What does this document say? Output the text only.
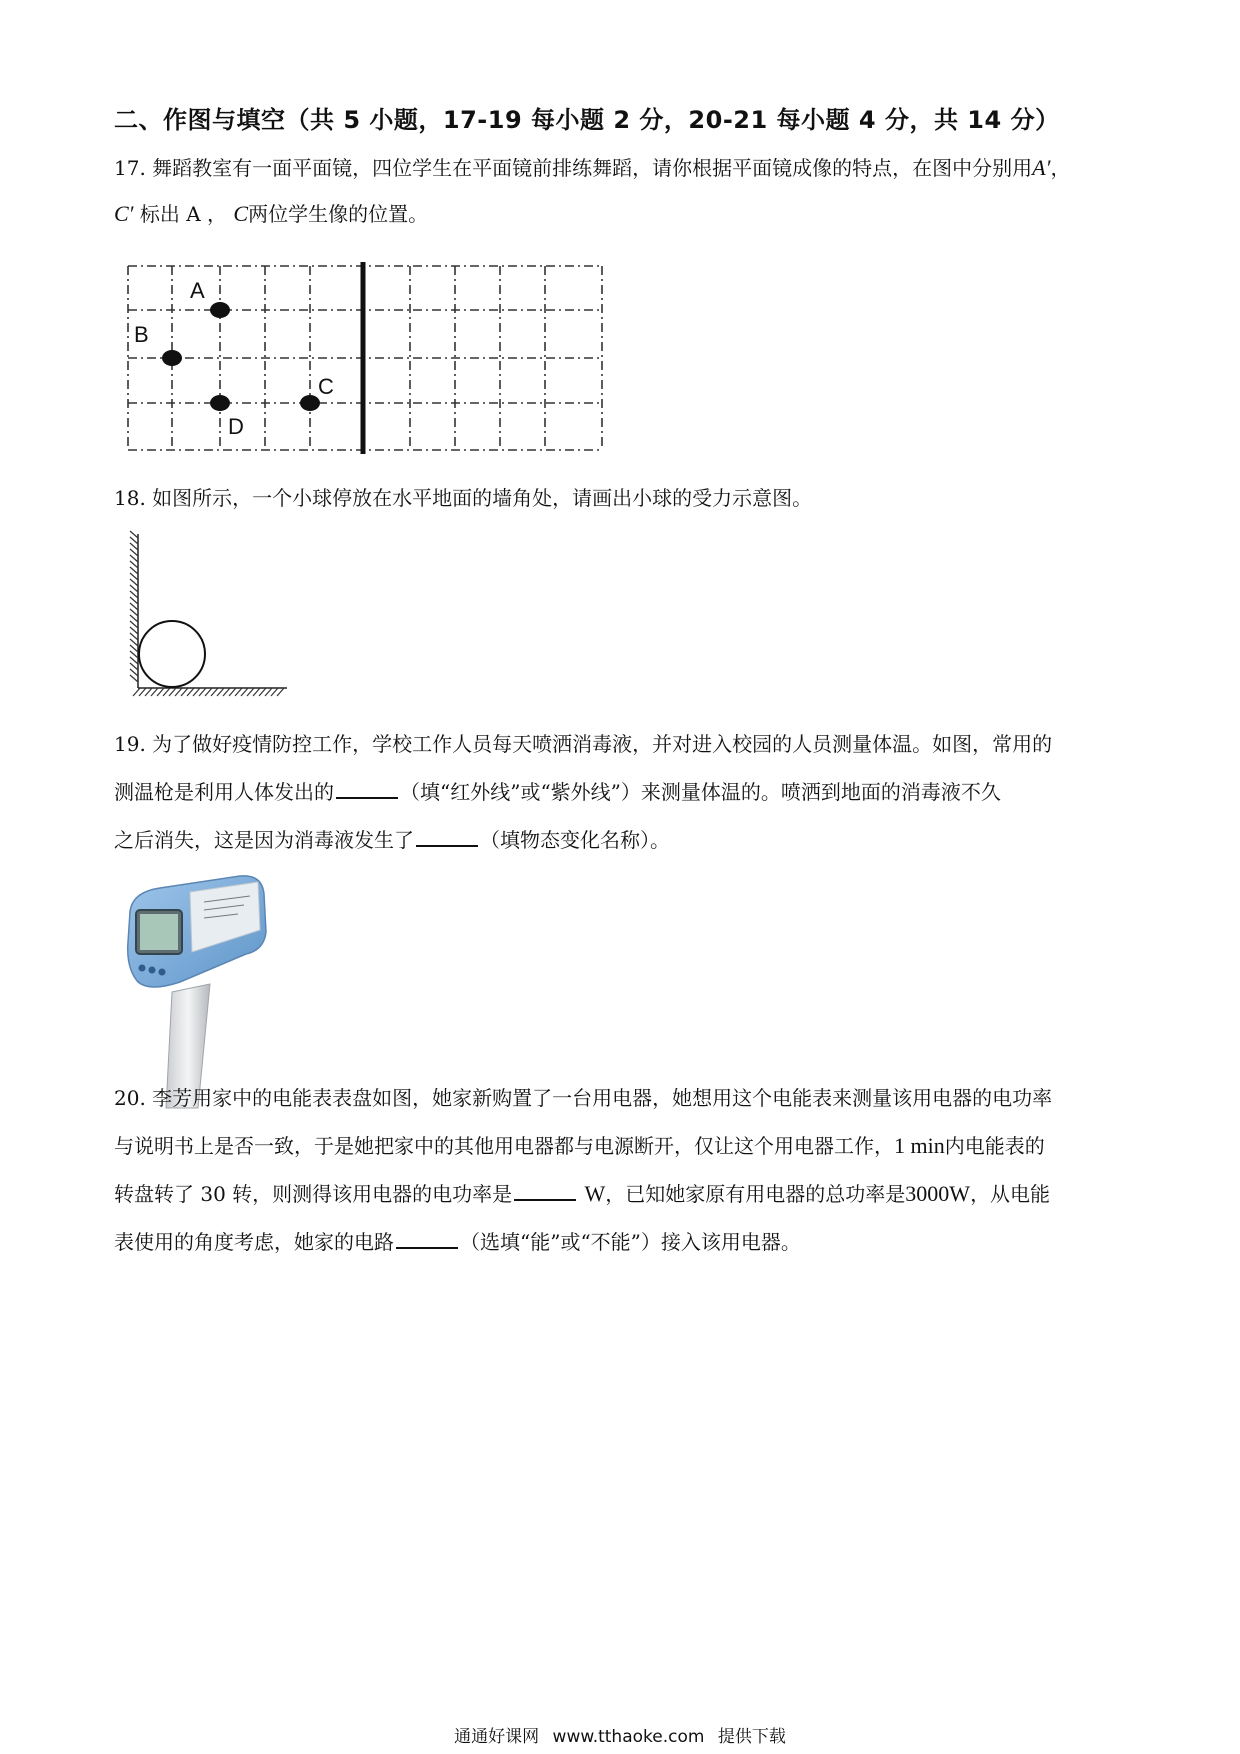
二、作图与填空（共 5 小题，17-19 每小题 2 分，20-21 每小题 4 分，共 14 分）
17. 舞蹈教室有一面平面镜，四位学生在平面镜前排练舞蹈，请你根据平面镜成像的特点，在图中分别用A′，
C′ 标出 A ， C两位学生像的位置。
A
B
C
D
18. 如图所示，一个小球停放在水平地面的墙角处，请画出小球的受力示意图。
19. 为了做好疫情防控工作，学校工作人员每天喷洒消毒液，并对进入校园的人员测量体温。如图，常用的
测温枪是利用人体发出的	（填“红外线”或“紫外线”）来测量体温的。喷洒到地面的消毒液不久
之后消失，这是因为消毒液发生了	（填物态变化名称）。
20. 李芳用家中的电能表表盘如图，她家新购置了一台用电器，她想用这个电能表来测量该用电器的电功率
与说明书上是否一致，于是她把家中的其他用电器都与电源断开，仅让这个用电器工作，1 min内电能表的
转盘转了 30 转，则测得该用电器的电功率是	W，已知她家原有用电器的总功率是3000W，从电能
表使用的角度考虑，她家的电路	（选填“能”或“不能”）接入该用电器。
通通好课网 www.tthaoke.com 提供下载
